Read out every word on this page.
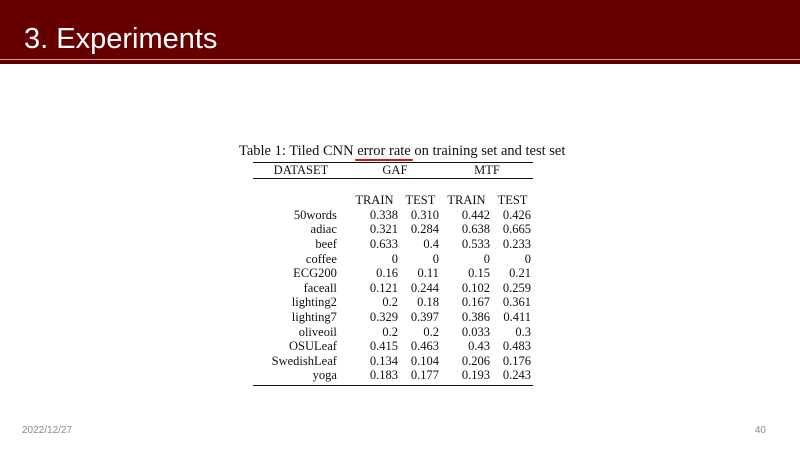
3. Experiments
Table 1: Tiled CNN error rate
on training set and test set
DATASET	GAF		MTF	

	TRAIN	TEST	TRAIN	TEST
50words	0.338	0.310	0.442	0.426
adiac	0.321	0.284	0.638	0.665
beef	0.633	0.4	0.533	0.233
coffee	0	0	0	0
ECG200	0.16	0.11	0.15	0.21
faceall	0.121	0.244	0.102	0.259
lighting2	0.2	0.18	0.167	0.361
lighting7	0.329	0.397	0.386	0.411
oliveoil	0.2	0.2	0.033	0.3
OSULeaf	0.415	0.463	0.43	0.483
SwedishLeaf	0.134	0.104	0.206	0.176
yoga	0.183	0.177	0.193	0.243
2022/12/27	40
